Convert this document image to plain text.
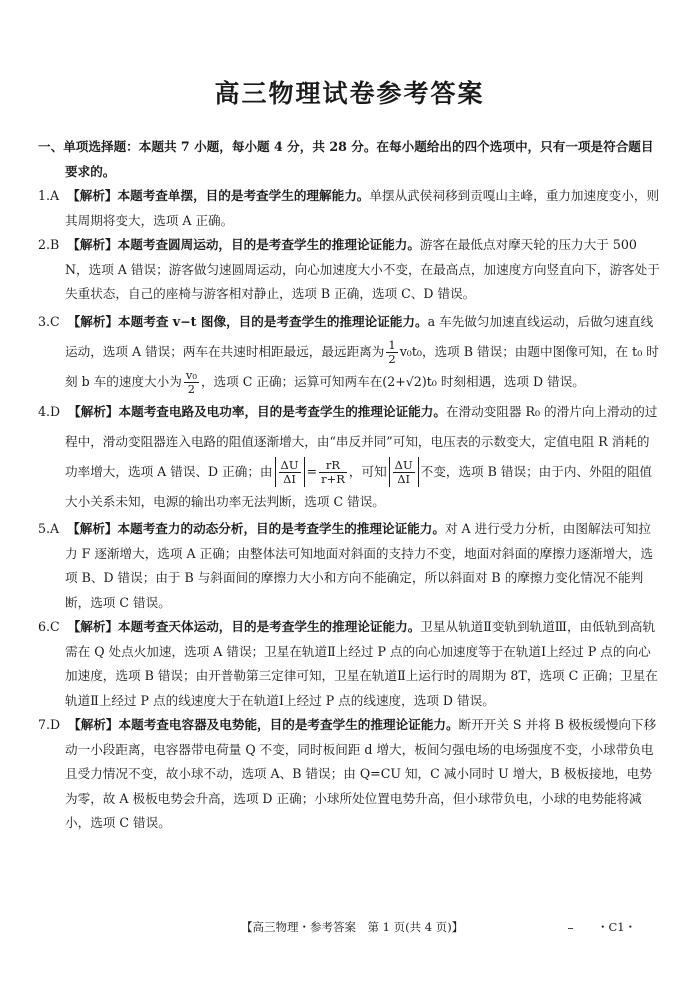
高三物理试卷参考答案
一、单项选择题：本题共 7 小题，每小题 4 分，共 28 分。在每小题给出的四个选项中，只有一项是符合题目要求的。
1.A 【解析】本题考查单摆，目的是考查学生的理解能力。单摆从武侯祠移到贡嘎山主峰，重力加速度变小，则其周期将变大，选项 A 正确。
2.B 【解析】本题考查圆周运动，目的是考查学生的推理论证能力。游客在最低点对摩天轮的压力大于 500 N，选项 A 错误；游客做匀速圆周运动，向心加速度大小不变，在最高点，加速度方向竖直向下，游客处于失重状态，自己的座椅与游客相对静止，选项 B 正确，选项 C、D 错误。
3.C 【解析】本题考查 v−t 图像，目的是考查学生的推理论证能力。a 车先做匀加速直线运动，后做匀速直线运动，选项 A 错误；两车在共速时相距最远，最远距离为 $\frac{1}{2} v_0t_0$，选项 B 错误；由题中图像可知，在 t₀ 时刻 b 车的速度大小为 $\frac{\text{v₀}}{2}$ ，选项 C 正确；运算可知两车在(2+√2)t₀ 时刻相遇，选项 D 错误。
4.D 【解析】本题考查电路及电功率，目的是考查学生的推理论证能力。在滑动变阻器 R₀ 的滑片向上滑动的过程中，滑动变阻器连入电路的阻值逐渐增大，由“串反并同”可知，电压表的示数变大，定值电阻 R 消耗的功率增大，选项 A 错误、D 正确；由 $\frac{\Delta U}{\Delta I} = \frac{rR}{r+R}$ ，可知 $\frac{\Delta U}{\Delta I}$ 不变，选项 B 错误；由于内、外阻的阻值大小关系未知，电源的输出功率无法判断，选项 C 错误。
5.A 【解析】本题考查力的动态分析，目的是考查学生的推理论证能力。对 A 进行受力分析，由图解法可知拉力 F 逐渐增大，选项 A 正确；由整体法可知地面对斜面的支持力不变，地面对斜面的摩擦力逐渐增大，选项 B、D 错误；由于 B 与斜面间的摩擦力大小和方向不能确定，所以斜面对 B 的摩擦力变化情况不能判断，选项 C 错误。
6.C 【解析】本题考查天体运动，目的是考查学生的推理论证能力。卫星从轨道Ⅱ变轨到轨道Ⅲ，由低轨到高轨需在 Q 处点火加速，选项 A 错误；卫星在轨道Ⅱ上经过 P 点的向心加速度等于在轨道Ⅰ上经过 P 点的向心加速度，选项 B 错误；由开普勒第三定律可知，卫星在轨道Ⅱ上运行时的周期为 8T，选项 C 正确；卫星在轨道Ⅱ上经过 P 点的线速度大于在轨道Ⅰ上经过 P 点的线速度，选项 D 错误。
7.D 【解析】本题考查电容器及电势能，目的是考查学生的推理论证能力。断开开关 S 并将 B 极板缓慢向下移动一小段距离，电容器带电荷量 Q 不变，同时板间距 d 增大，板间匀强电场的电场强度不变，小球带负电且受力情况不变，故小球不动，选项 A、B 错误；由 Q=CU 知，C 减小同时 U 增大，B 极板接地，电势为零，故 A 极板电势会升高，选项 D 正确；小球所处位置电势升高，但小球带负电，小球的电势能将减小，选项 C 错误。
【高三物理・参考答案　第 1 页(共 4 页)】	・C1・
